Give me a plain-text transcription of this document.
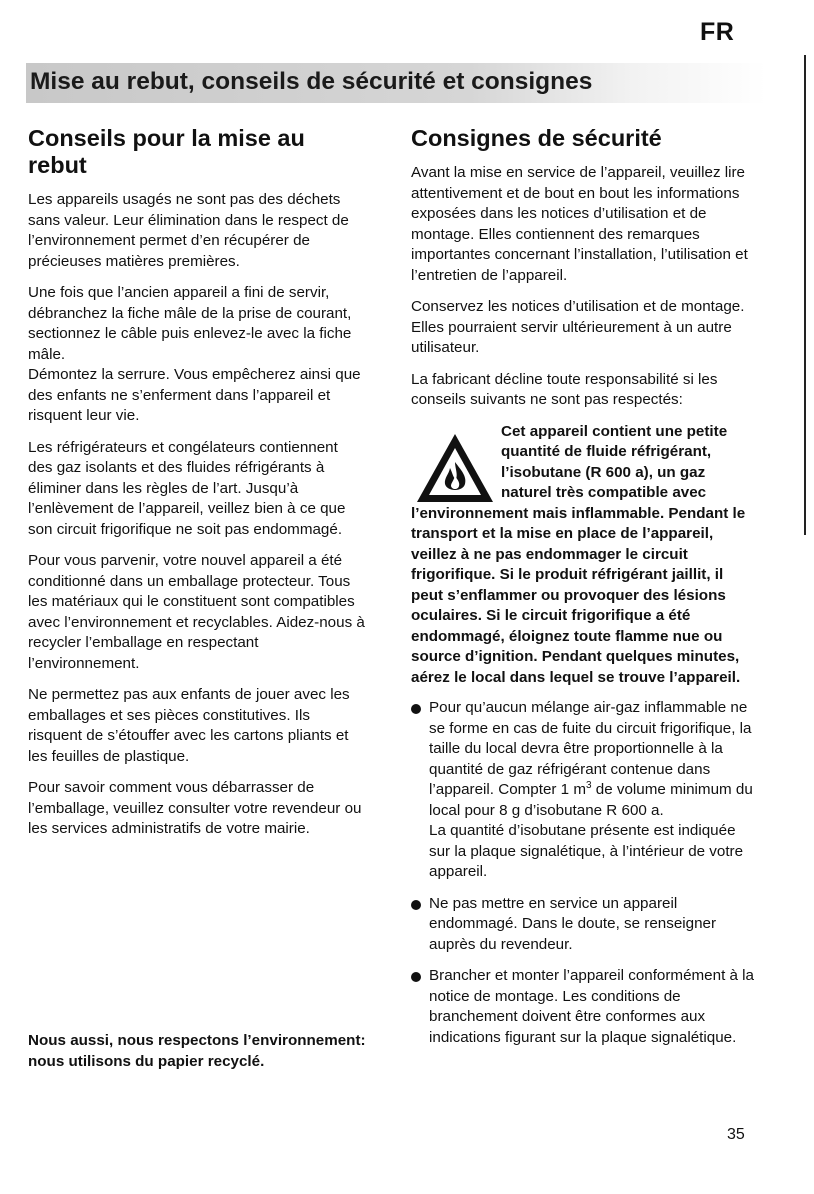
FR
Mise au rebut, conseils de sécurité et consignes
Conseils pour la mise au rebut

Les appareils usagés ne sont pas des déchets sans valeur. Leur élimination dans le respect de l’environnement permet d’en récupérer de précieuses matières premières.

Une fois que l’ancien appareil a fini de servir, débranchez la fiche mâle de la prise de courant, sectionnez le câble puis enlevez-le avec la fiche mâle.

Démontez la serrure. Vous empêcherez ainsi que des enfants ne s’enferment dans l’appareil et risquent leur vie.

Les réfrigérateurs et congélateurs contiennent des gaz isolants et des fluides réfrigérants à éliminer dans les règles de l’art. Jusqu’à l’enlèvement de l’appareil, veillez bien à ce que son circuit frigorifique ne soit pas endommagé.

Pour vous parvenir, votre nouvel appareil a été conditionné dans un emballage protecteur. Tous les matériaux qui le constituent sont compatibles avec l’environnement et recyclables. Aidez-nous à recycler l’emballage en respectant l’environnement.

Ne permettez pas aux enfants de jouer avec les emballages et ses pièces constitutives. Ils risquent de s’étouffer avec les cartons pliants et les feuilles de plastique.

Pour savoir comment vous débarrasser de l’emballage, veuillez consulter votre revendeur ou les services administratifs de votre mairie.

Nous aussi, nous respectons l’environnement: nous utilisons du papier recyclé.
Consignes de sécurité

Avant la mise en service de l’appareil, veuillez lire attentivement et de bout en bout les informations exposées dans les notices d’utilisation et de montage. Elles contiennent des remarques importantes concernant l’installation, l’utilisation et l’entretien de l’appareil.

Conservez les notices d’utilisation et de montage. Elles pourraient servir ultérieurement à un autre utilisateur.

La fabricant décline toute responsabilité si les conseils suivants ne sont pas respectés:

Cet appareil contient une petite quantité de fluide réfrigérant, l’isobutane (R 600 a), un gaz naturel très compatible avec l’environnement mais inflammable. Pendant le transport et la mise en place de l’appareil, veillez à ne pas endommager le circuit frigorifique. Si le produit réfrigérant jaillit, il peut s’enflammer ou provoquer des lésions oculaires. Si le circuit frigorifique a été endommagé, éloignez toute flamme nue ou source d’ignition. Pendant quelques minutes, aérez le local dans lequel se trouve l’appareil.
Pour qu’aucun mélange air-gaz inflammable ne se forme en cas de fuite du circuit frigorifique, la taille du local devra être proportionnelle à la quantité de gaz réfrigérant contenue dans l’appareil. Compter 1 $m^3$ de volume minimum du local pour 8 g d’isobutane R 600 a.
La quantité d’isobutane présente est indiquée sur la plaque signalétique, à l’intérieur de votre appareil.
Ne pas mettre en service un appareil endommagé. Dans le doute, se renseigner auprès du revendeur.
Brancher et monter l’appareil conformément à la notice de montage. Les conditions de branchement doivent être conformes aux indications figurant sur la plaque signalétique.
35
